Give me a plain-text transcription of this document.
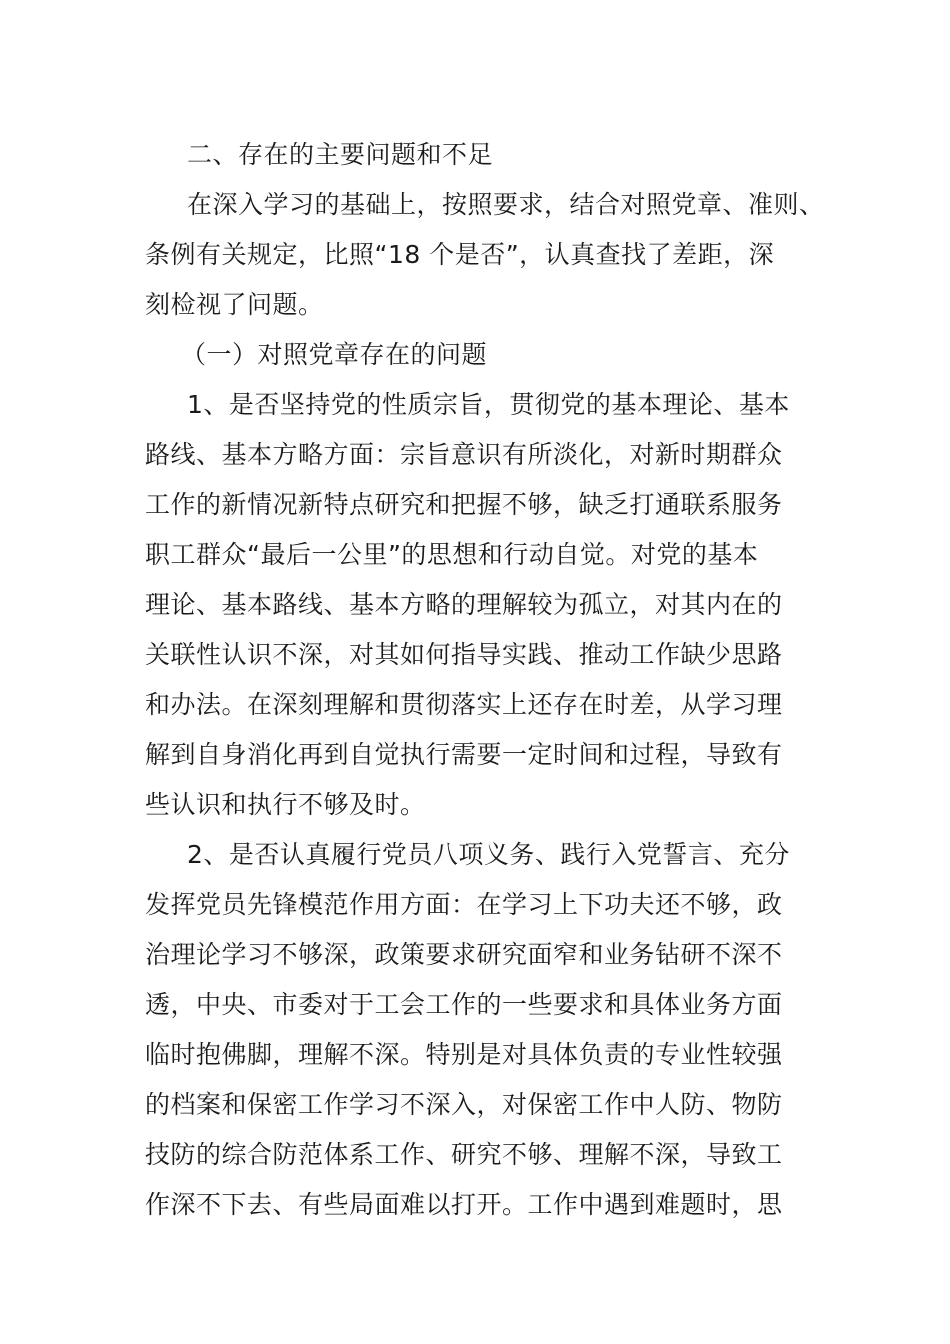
二、存在的主要问题和不足

在深入学习的基础上，按照要求，结合对照党章、准则、

条例有关规定，比照“18 个是否”，认真查找了差距，深

刻检视了问题。

（一）对照党章存在的问题

1、是否坚持党的性质宗旨，贯彻党的基本理论、基本

路线、基本方略方面：宗旨意识有所淡化，对新时期群众

工作的新情况新特点研究和把握不够，缺乏打通联系服务

职工群众“最后一公里”的思想和行动自觉。对党的基本

理论、基本路线、基本方略的理解较为孤立，对其内在的

关联性认识不深，对其如何指导实践、推动工作缺少思路

和办法。在深刻理解和贯彻落实上还存在时差，从学习理

解到自身消化再到自觉执行需要一定时间和过程，导致有

些认识和执行不够及时。

2、是否认真履行党员八项义务、践行入党誓言、充分

发挥党员先锋模范作用方面：在学习上下功夫还不够，政

治理论学习不够深，政策要求研究面窄和业务钻研不深不

透，中央、市委对于工会工作的一些要求和具体业务方面

临时抱佛脚，理解不深。特别是对具体负责的专业性较强

的档案和保密工作学习不深入，对保密工作中人防、物防

技防的综合防范体系工作、研究不够、理解不深，导致工

作深不下去、有些局面难以打开。工作中遇到难题时，思
